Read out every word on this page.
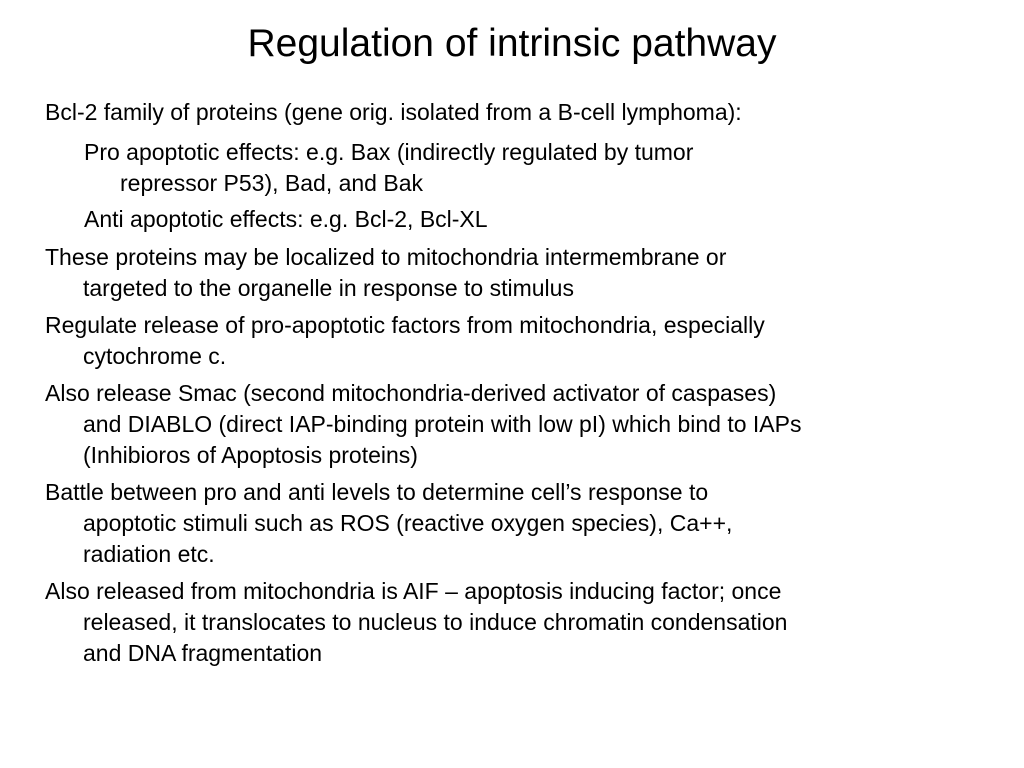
Regulation of intrinsic pathway

Bcl-2 family of proteins (gene orig. isolated from a B-cell lymphoma):

Pro apoptotic effects: e.g. Bax (indirectly regulated by tumor
repressor P53), Bad, and Bak

Anti apoptotic effects: e.g. Bcl-2, Bcl-XL

These proteins may be localized to mitochondria intermembrane or
targeted to the organelle in response to stimulus

Regulate release of pro-apoptotic factors from mitochondria, especially
cytochrome c.

Also release Smac (second mitochondria-derived activator of caspases)
and DIABLO (direct IAP-binding protein with low pI) which bind to IAPs
(Inhibioros of Apoptosis proteins)

Battle between pro and anti levels to determine cell’s response to
apoptotic stimuli such as ROS (reactive oxygen species), Ca++,
radiation etc.

Also released from mitochondria is AIF – apoptosis inducing factor; once
released, it translocates to nucleus to induce chromatin condensation
and DNA fragmentation
